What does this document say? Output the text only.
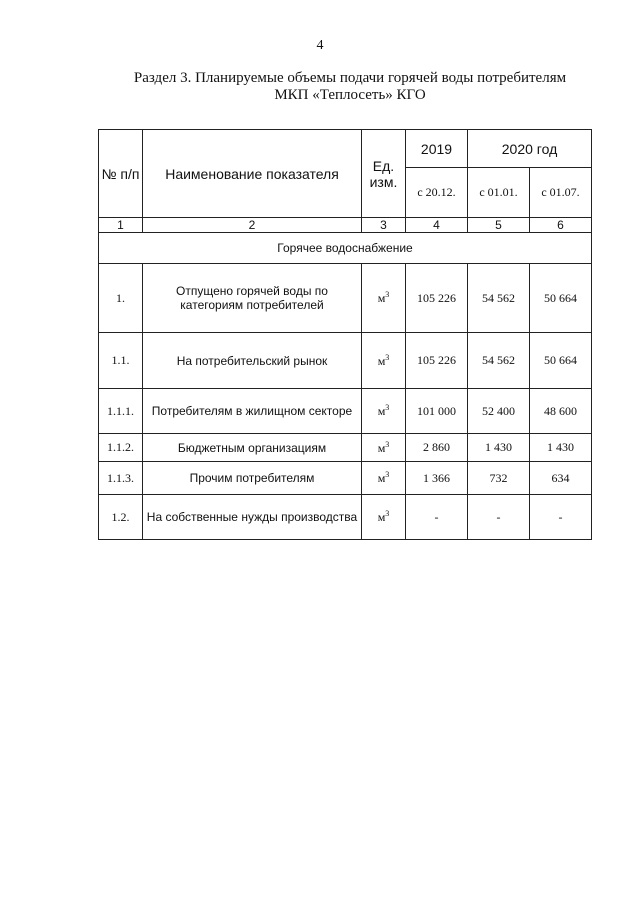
4
Раздел 3. Планируемые объемы подачи горячей воды потребителям
МКП «Теплосеть» КГО
№ п/п	Наименование показателя	Ед. изм.	2019	2020 год	
			с 20.12.	с 01.01.	с 01.07.
1	2	3	4	5	6
Горячее водоснабжение					
1.	Отпущено горячей воды по категориям потребителей	$м^3$	105 226	54 562	50 664
1.1.	На потребительский рынок	$м^3$	105 226	54 562	50 664
1.1.1.	Потребителям в жилищном секторе	$м^3$	101 000	52 400	48 600
1.1.2.	Бюджетным организациям	$м^3$	2 860	1 430	1 430
1.1.3.	Прочим потребителям	$м^3$	1 366	732	634
1.2.	На собственные нужды производства	$м^3$	-	-	-
